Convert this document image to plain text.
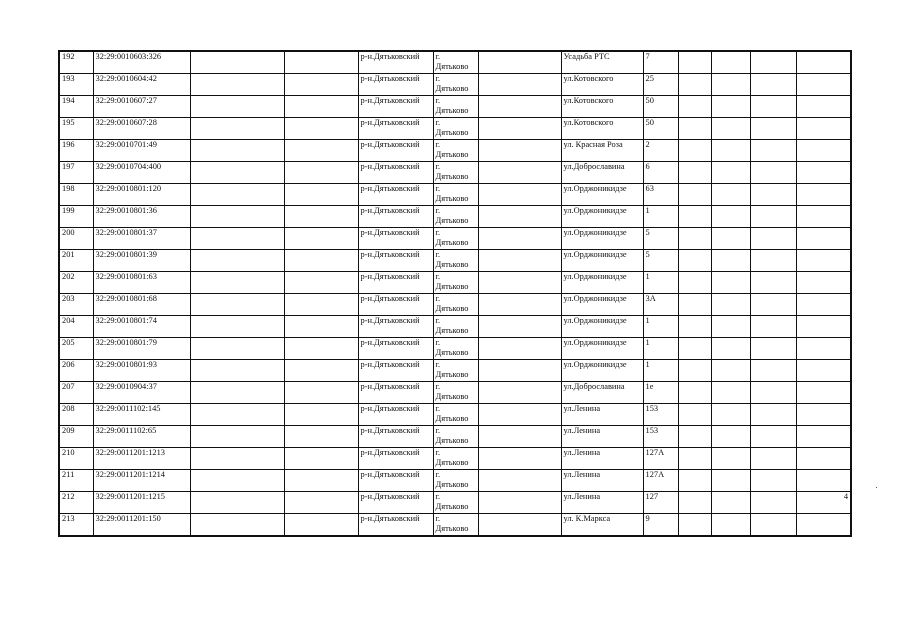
192	32:29:0010603:326			р-н.Дятьковский	г.
Дятьково		Усадьба РТС	7				
193	32:29:0010604:42			р-н.Дятьковский	г.
Дятьково		ул.Котовского	25				
194	32:29:0010607:27			р-н.Дятьковский	г.
Дятьково		ул.Котовского	50				
195	32:29:0010607:28			р-н.Дятьковский	г.
Дятьково		ул.Котовского	50				
196	32:29:0010701:49			р-н.Дятьковский	г.
Дятьково		ул. Красная Роза	2				
197	32:29:0010704:400			р-н.Дятьковский	г.
Дятьково		ул.Доброславина	6				
198	32:29:0010801:120			р-н.Дятьковский	г.
Дятьково		ул.Орджоникидзе	63				
199	32:29:0010801:36			р-н.Дятьковский	г.
Дятьково		ул.Орджоникидзе	1				
200	32:29:0010801:37			р-н.Дятьковский	г.
Дятьково		ул.Орджоникидзе	5				
201	32:29:0010801:39			р-н.Дятьковский	г.
Дятьково		ул.Орджоникидзе	5				
202	32:29:0010801:63			р-н.Дятьковский	г.
Дятьково		ул.Орджоникидзе	1				
203	32:29:0010801:68			р-н.Дятьковский	г.
Дятьково		ул.Орджоникидзе	3А				
204	32:29:0010801:74			р-н.Дятьковский	г.
Дятьково		ул.Орджоникидзе	1				
205	32:29:0010801:79			р-н.Дятьковский	г.
Дятьково		ул.Орджоникидзе	1				
206	32:29:0010801:93			р-н.Дятьковский	г.
Дятьково		ул.Орджоникидзе	1				
207	32:29:0010904:37			р-н.Дятьковский	г.
Дятьково		ул.Доброславина	1е				
208	32:29:0011102:145			р-н.Дятьковский	г.
Дятьково		ул.Ленина	153				
209	32:29:0011102:65			р-н.Дятьковский	г.
Дятьково		ул.Ленина	153				
210	32:29:0011201:1213			р-н.Дятьковский	г.
Дятьково		ул.Ленина	127А				
211	32:29:0011201:1214			р-н.Дятьковский	г.
Дятьково		ул.Ленина	127А				
212	32:29:0011201:1215			р-н.Дятьковский	г.
Дятьково		ул.Ленина	127				4
213	32:29:0011201:150			р-н.Дятьковский	г.
Дятьково		ул. К.Маркса	9				
